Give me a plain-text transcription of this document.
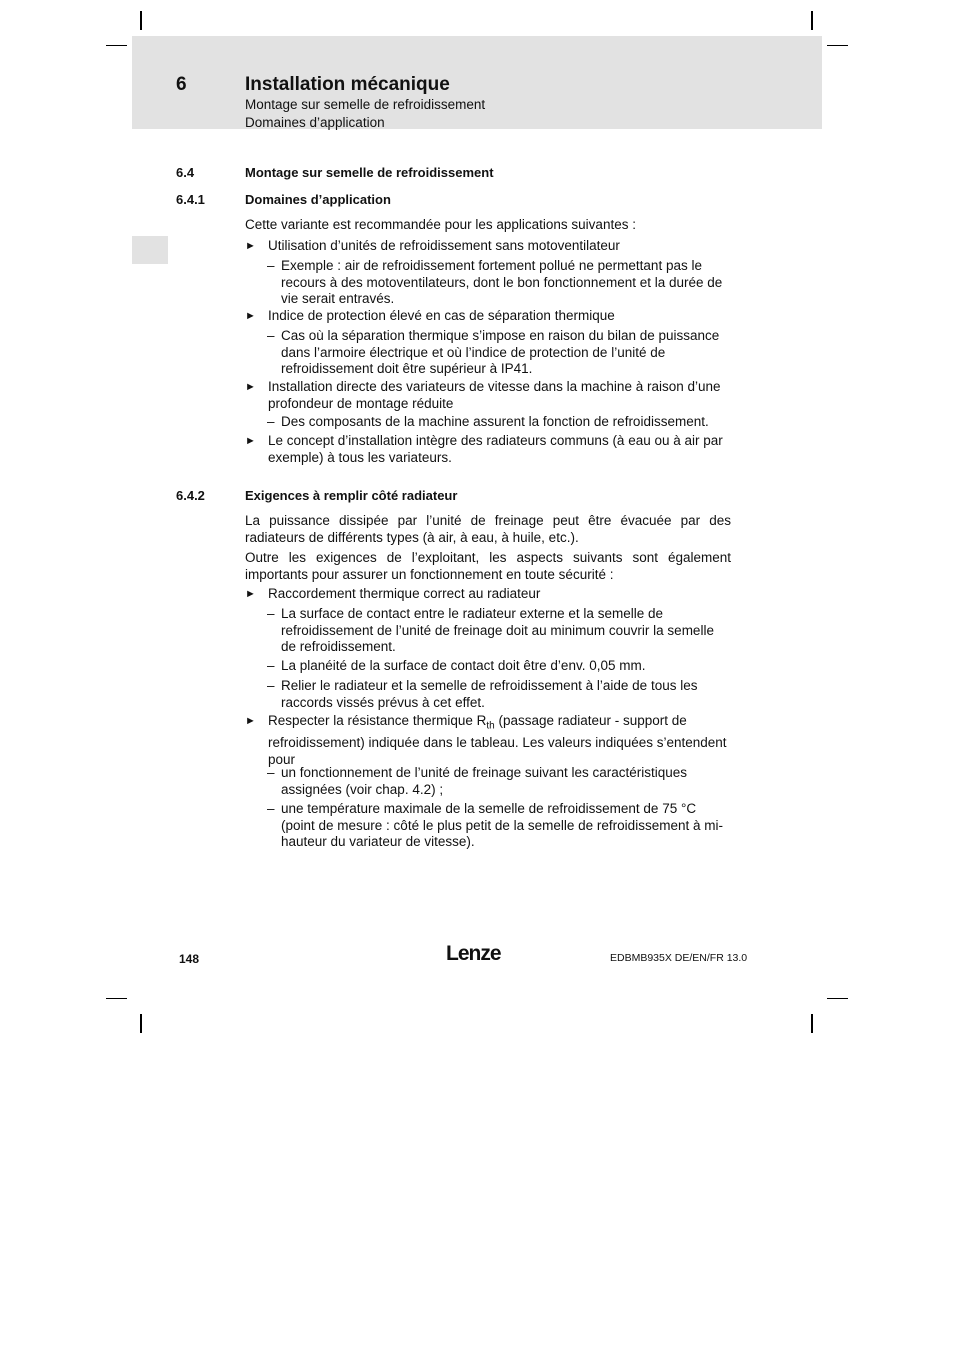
6	Installation mécanique
Montage sur semelle de refroidissement
Domaines d’application
6.4	Montage sur semelle de refroidissement
6.4.1	Domaines d’application
Cette variante est recommandée pour les applications suivantes :
► Utilisation d’unités de refroidissement sans motoventilateur
– Exemple : air de refroidissement fortement pollué ne permettant pas le recours à des motoventilateurs, dont le bon fonctionnement et la durée de vie serait entravés.
► Indice de protection élevé en cas de séparation thermique
– Cas où la séparation thermique s’impose en raison du bilan de puissance dans l’armoire électrique et où l’indice de protection de l’unité de refroidissement doit être supérieur à IP41.
► Installation directe des variateurs de vitesse dans la machine à raison d’une profondeur de montage réduite
– Des composants de la machine assurent la fonction de refroidissement.
► Le concept d’installation intègre des radiateurs communs (à eau ou à air par exemple) à tous les variateurs.
6.4.2	Exigences à remplir côté radiateur
La puissance dissipée par l’unité de freinage peut être évacuée par des radiateurs de différents types (à air, à eau, à huile, etc.).
Outre les exigences de l’exploitant, les aspects suivants sont également importants pour assurer un fonctionnement en toute sécurité :
► Raccordement thermique correct au radiateur
– La surface de contact entre le radiateur externe et la semelle de refroidissement de l’unité de freinage doit au minimum couvrir la semelle de refroidissement.
– La planéité de la surface de contact doit être d’env. 0,05 mm.
– Relier le radiateur et la semelle de refroidissement à l’aide de tous les raccords vissés prévus à cet effet.
► Respecter la résistance thermique $R_{th}$ (passage radiateur - support de refroidissement) indiquée dans le tableau. Les valeurs indiquées s’entendent pour
– un fonctionnement de l’unité de freinage suivant les caractéristiques assignées (voir chap. 4.2) ;
– une température maximale de la semelle de refroidissement de 75 °C (point de mesure : côté le plus petit de la semelle de refroidissement à mi-hauteur du variateur de vitesse).
148	Lenze	EDBMB935X DE/EN/FR 13.0
